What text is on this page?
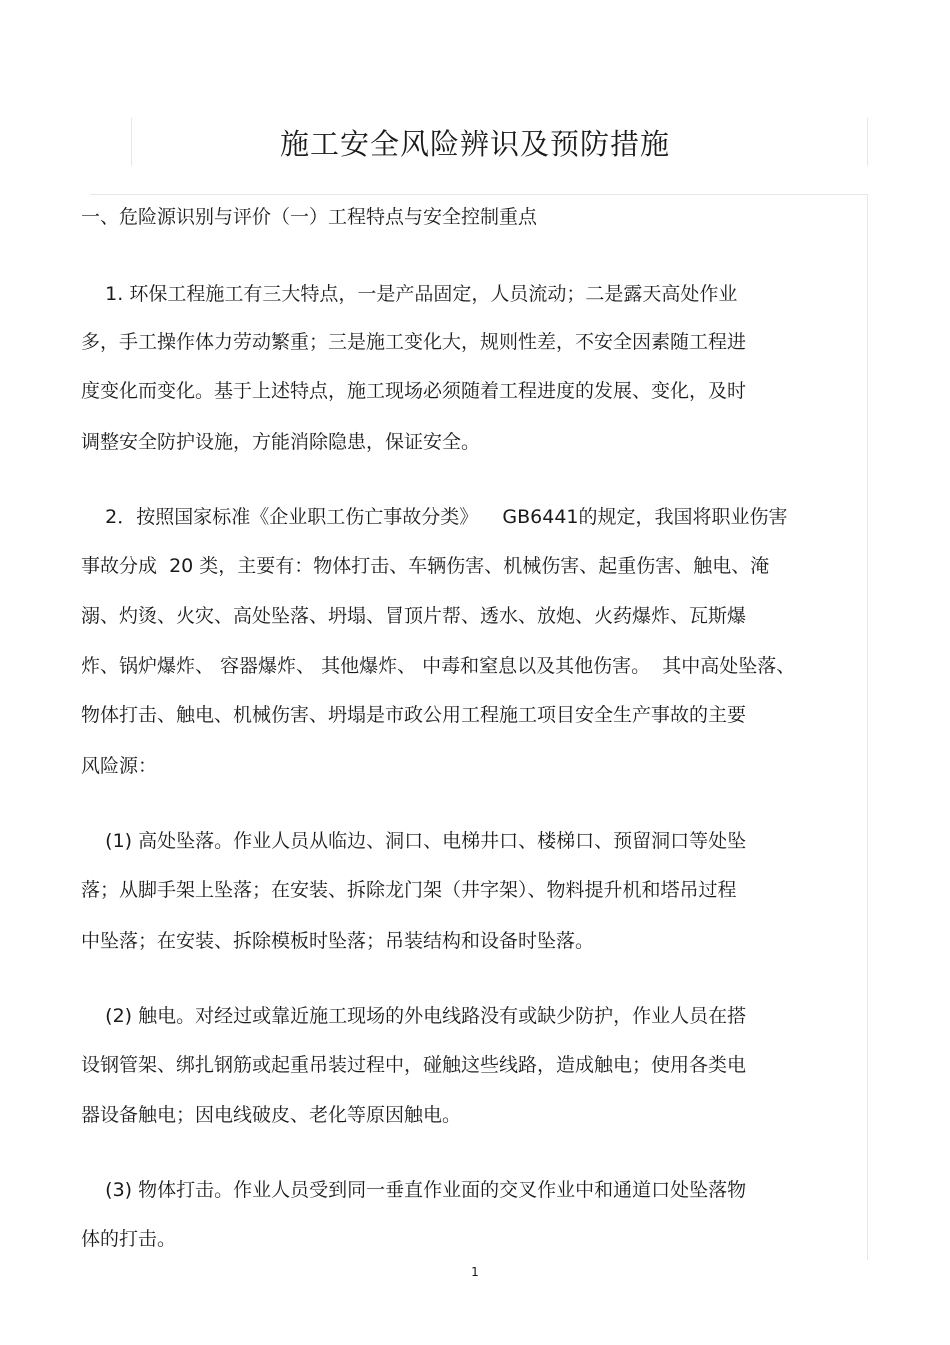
施工安全风险辨识及预防措施
一、危险源识别与评价（一）工程特点与安全控制重点
1. 环保工程施工有三大特点，一是产品固定，人员流动；二是露天高处作业
多，手工操作体力劳动繁重；三是施工变化大，规则性差，不安全因素随工程进
度变化而变化。基于上述特点，施工现场必须随着工程进度的发展、变化，及时
调整安全防护设施，方能消除隐患，保证安全。
2．按照国家标准《企业职工伤亡事故分类》    GB6441的规定，我国将职业伤害
事故分成  20 类，主要有：物体打击、车辆伤害、机械伤害、起重伤害、触电、淹
溺、灼烫、火灾、高处坠落、坍塌、冒顶片帮、透水、放炮、火药爆炸、瓦斯爆
炸、锅炉爆炸、 容器爆炸、 其他爆炸、 中毒和窒息以及其他伤害。  其中高处坠落、
物体打击、触电、机械伤害、坍塌是市政公用工程施工项目安全生产事故的主要
风险源：
(1) 高处坠落。作业人员从临边、洞口、电梯井口、楼梯口、预留洞口等处坠
落；从脚手架上坠落；在安装、拆除龙门架（井字架）、物料提升机和塔吊过程
中坠落；在安装、拆除模板时坠落；吊装结构和设备时坠落。
(2) 触电。对经过或靠近施工现场的外电线路没有或缺少防护，作业人员在搭
设钢管架、绑扎钢筋或起重吊装过程中，碰触这些线路，造成触电；使用各类电
器设备触电；因电线破皮、老化等原因触电。
(3) 物体打击。作业人员受到同一垂直作业面的交叉作业中和通道口处坠落物
体的打击。
1
